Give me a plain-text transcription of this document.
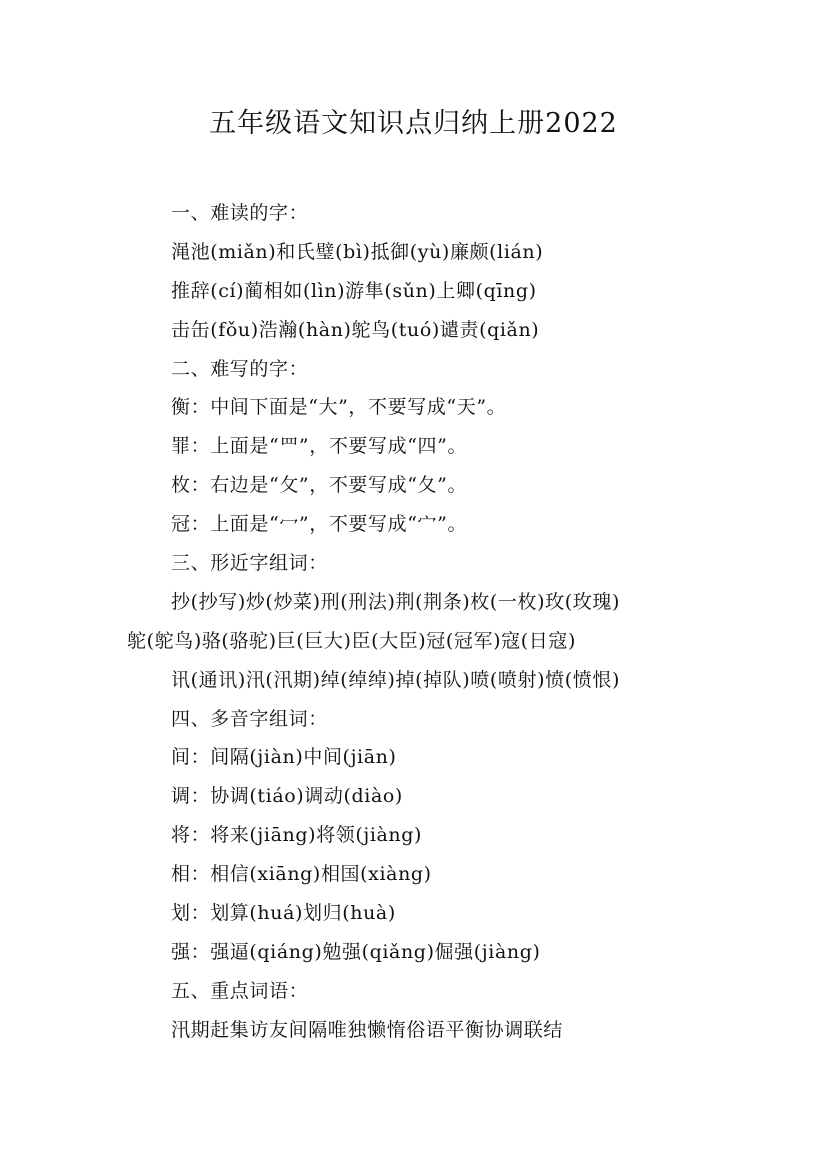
五年级语文知识点归纳上册2022
一、难读的字：
渑池(miǎn)和氏璧(bì)抵御(yù)廉颇(lián)
推辞(cí)蔺相如(lìn)游隼(sǔn)上卿(qīng)
击缶(fǒu)浩瀚(hàn)鸵鸟(tuó)谴责(qiǎn)
二、难写的字：
衡：中间下面是“大”，不要写成“天”。
罪：上面是“罒”，不要写成“四”。
枚：右边是“攵”，不要写成“夂”。
冠：上面是“冖”，不要写成“宀”。
三、形近字组词：
抄(抄写)炒(炒菜)刑(刑法)荆(荆条)枚(一枚)玫(玫瑰)
鸵(鸵鸟)骆(骆驼)巨(巨大)臣(大臣)冠(冠军)寇(日寇)
讯(通讯)汛(汛期)绰(绰绰)掉(掉队)喷(喷射)愤(愤恨)
四、多音字组词：
间：间隔(jiàn)中间(jiān)
调：协调(tiáo)调动(diào)
将：将来(jiāng)将领(jiàng)
相：相信(xiāng)相国(xiàng)
划：划算(huá)划归(huà)
强：强逼(qiáng)勉强(qiǎng)倔强(jiàng)
五、重点词语：
汛期赶集访友间隔唯独懒惰俗语平衡协调联结
